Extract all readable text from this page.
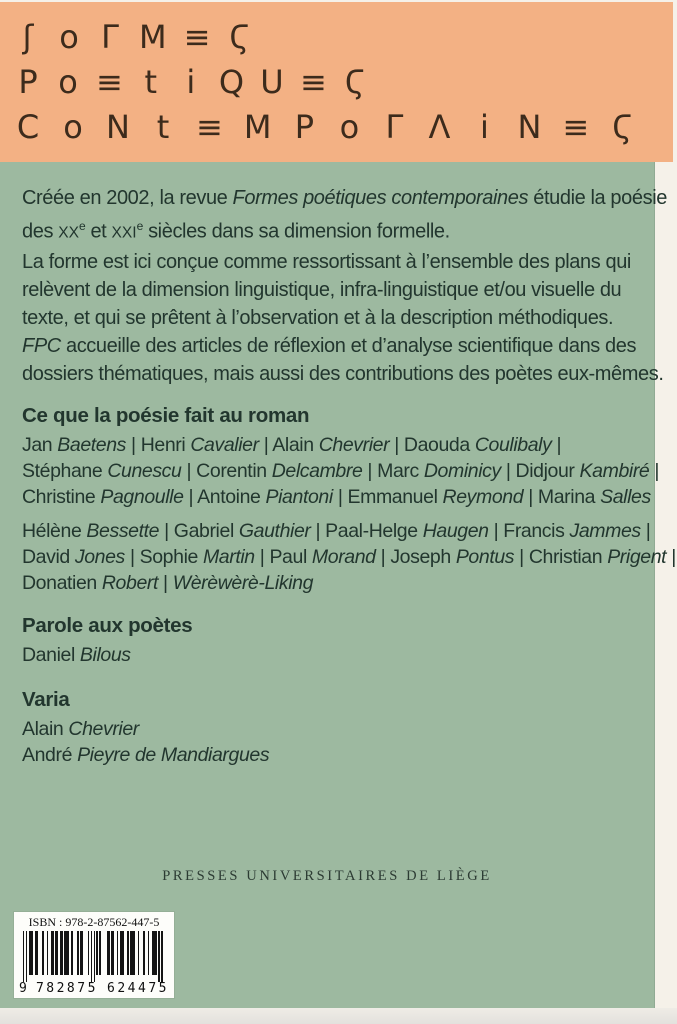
ʃ o Γ M ≡ Ϛ
P o ≡ t i Q U ≡ Ϛ
C o N t ≡ M P o Γ Λ i N ≡ Ϛ
Créée en 2002, la revue Formes poétiques contemporaines étudie la poésie
des XXe et XXIe siècles dans sa dimension formelle.
La forme est ici conçue comme ressortissant à l’ensemble des plans qui
relèvent de la dimension linguistique, infra-linguistique et/ou visuelle du
texte, et qui se prêtent à l’observation et à la description méthodiques.
FPC accueille des articles de réflexion et d’analyse scientifique dans des
dossiers thématiques, mais aussi des contributions des poètes eux-mêmes.
Ce que la poésie fait au roman
Jan Baetens | Henri Cavalier | Alain Chevrier | Daouda Coulibaly |
Stéphane Cunescu | Corentin Delcambre | Marc Dominicy | Didjour Kambiré |
Christine Pagnoulle | Antoine Piantoni | Emmanuel Reymond | Marina Salles
Hélène Bessette | Gabriel Gauthier | Paal-Helge Haugen | Francis Jammes |
David Jones | Sophie Martin | Paul Morand | Joseph Pontus | Christian Prigent |
Donatien Robert | Wèrèwèrè-Liking
Parole aux poètes
Daniel Bilous
Varia
Alain Chevrier
André Pieyre de Mandiargues
PRESSES UNIVERSITAIRES DE LIÈGE
ISBN : 978-2-87562-447-5
9 782875 624475
